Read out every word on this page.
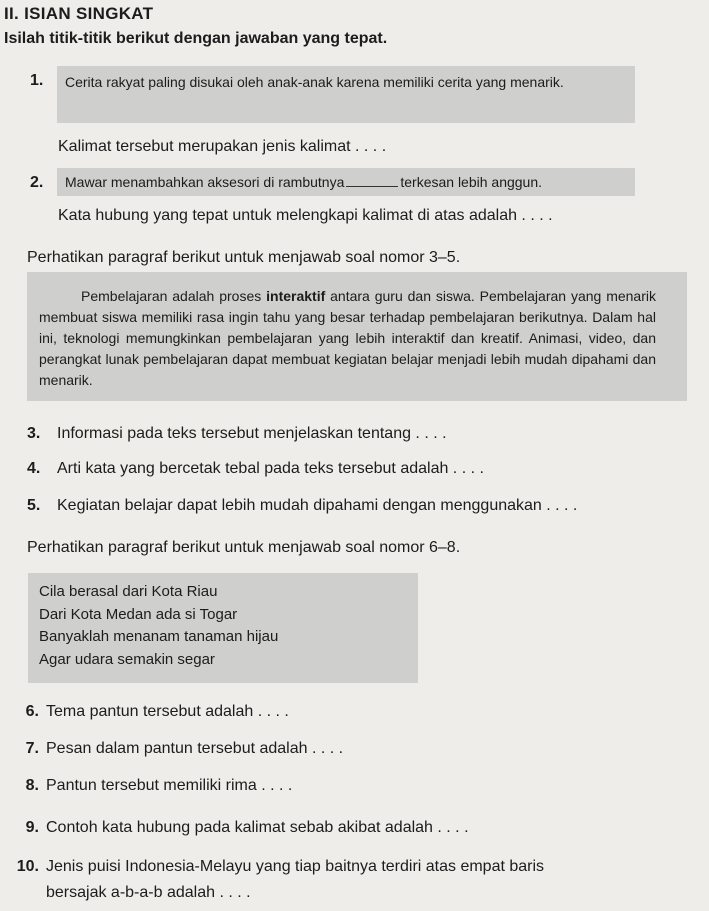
II. ISIAN SINGKAT
Isilah titik-titik berikut dengan jawaban yang tepat.
1. Cerita rakyat paling disukai oleh anak-anak karena memiliki cerita yang menarik.
Kalimat tersebut merupakan jenis kalimat . . . .
2.	Mawar menambahkan aksesori di rambutnya	terkesan lebih anggun.
Kata hubung yang tepat untuk melengkapi kalimat di atas adalah . . . .
Perhatikan paragraf berikut untuk menjawab soal nomor 3–5.

Pembelajaran adalah proses interaktif antara guru dan siswa. Pembelajaran yang menarik membuat siswa memiliki rasa ingin tahu yang besar terhadap pembelajaran berikutnya. Dalam hal ini, teknologi memungkinkan pembelajaran yang lebih interaktif dan kreatif. Animasi, video, dan perangkat lunak pembelajaran dapat membuat kegiatan belajar menjadi lebih mudah dipahami dan menarik.

3. Informasi pada teks tersebut menjelaskan tentang . . . .
4. Arti kata yang bercetak tebal pada teks tersebut adalah . . . .
5. Kegiatan belajar dapat lebih mudah dipahami dengan menggunakan . . . .
Perhatikan paragraf berikut untuk menjawab soal nomor 6–8.
Cila berasal dari Kota Riau
Dari Kota Medan ada si Togar
Banyaklah menanam tanaman hijau
Agar udara semakin segar
6. Tema pantun tersebut adalah . . . .
7. Pesan dalam pantun tersebut adalah . . . .
8. Pantun tersebut memiliki rima . . . .
9. Contoh kata hubung pada kalimat sebab akibat adalah . . . .
10. Jenis puisi Indonesia-Melayu yang tiap baitnya terdiri atas empat baris
bersajak a-b-a-b adalah . . . .
